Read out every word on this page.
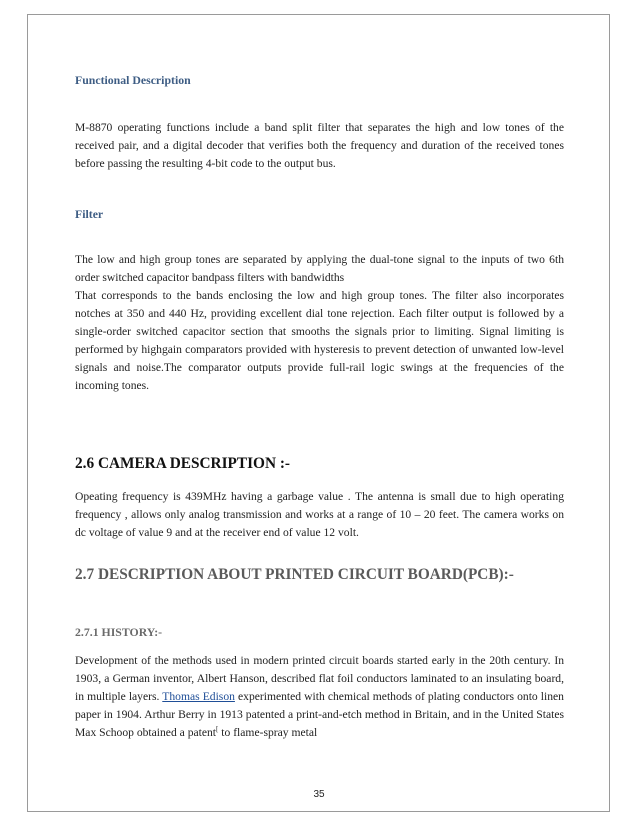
Functional Description

M-8870 operating functions include a band split filter that separates the high and low tones of the received pair, and a digital decoder that verifies both the frequency and duration of the received tones before passing the resulting 4-bit code to the output bus.

Filter
The low and high group tones are separated by applying the dual-tone signal to the inputs of two 6th order switched capacitor bandpass filters with bandwidths
That corresponds to the bands enclosing the low and high group tones. The filter also incorporates notches at 350 and 440 Hz, providing excellent dial tone rejection. Each filter output is followed by a single-order switched capacitor section that smooths the signals prior to limiting. Signal limiting is performed by highgain comparators provided with hysteresis to prevent detection of unwanted low-level signals and noise.The comparator outputs provide full-rail logic swings at the frequencies of the incoming tones.
2.6 CAMERA DESCRIPTION :-

Opeating frequency is 439MHz having a garbage value . The antenna is small due to high operating frequency , allows only analog transmission and works at a range of 10 – 20 feet. The camera works on dc voltage of value 9 and at the receiver end of value 12 volt.

2.7 DESCRIPTION ABOUT PRINTED CIRCUIT BOARD(PCB):-
2.7.1 HISTORY:-

Development of the methods used in modern printed circuit boards started early in the 20th century. In 1903, a German inventor, Albert Hanson, described flat foil conductors laminated to an insulating board, in multiple layers. Thomas Edison experimented with chemical methods of plating conductors onto linen paper in 1904. Arthur Berry in 1913 patented a print-and-etch method in Britain, and in the United States Max Schoop obtained a patent[ to flame-spray metal

35
